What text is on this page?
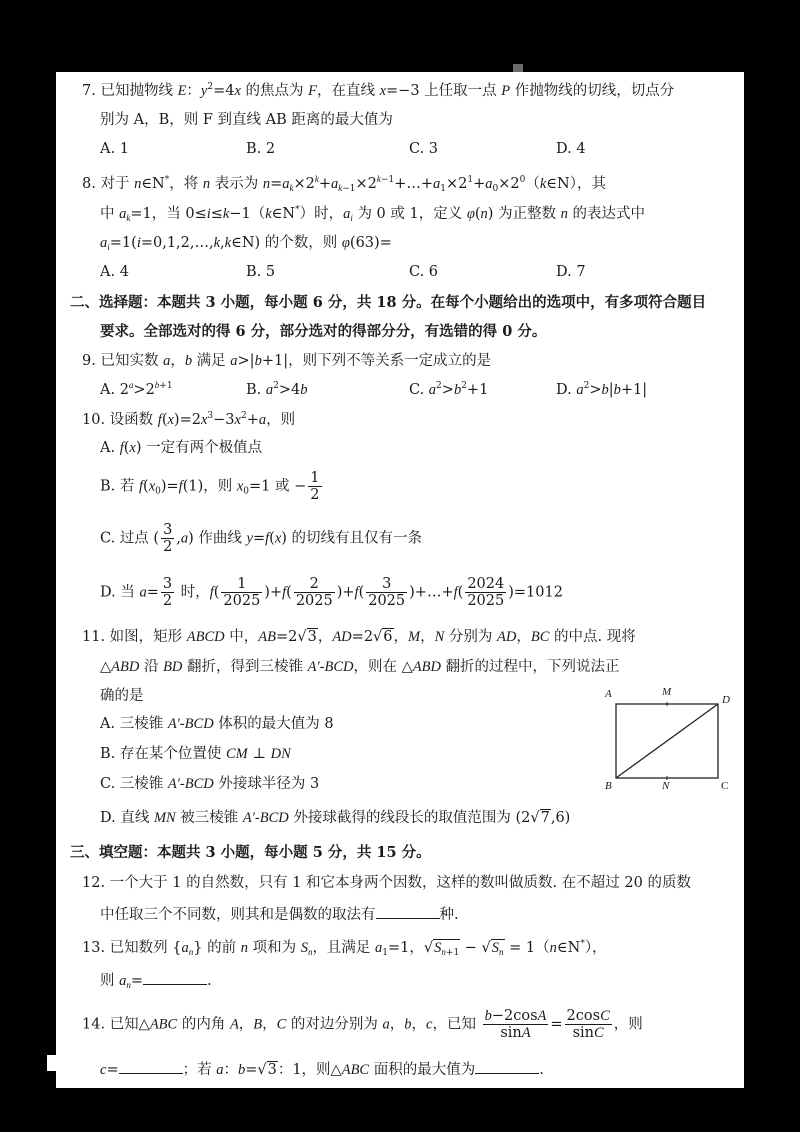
7. 已知抛物线 E：$y^2=4x$ 的焦点为 F，在直线 x=−3 上任取一点 P 作抛物线的切线，切点分
别为 A，B，则 F 到直线 AB 距离的最大值为
A. 1	B. 2	C. 3	D. 4
8. 对于 n∈N*，将 n 表示为 $n=a_k\times 2^k+a_{k-1}\times 2^{k-1}+\dots+a_1\times 2^1+a_0\times 2^0(k\in N)$，其
中 $a_k=1$，当 0≤i≤k−1（k∈N*）时，$a_i$ 为 0 或 1，定义 φ(n) 为正整数 n 的表达式中
$a_i=1(i=0,1,2,\dots,k,k\in N)$ 的个数，则 φ(63)=
A. 4	B. 5	C. 6	D. 7
二、选择题：本题共 3 小题，每小题 6 分，共 18 分。在每个小题给出的选项中，有多项符合题目
要求。全部选对的得 6 分，部分选对的得部分分，有选错的得 0 分。
9. 已知实数 a，b 满足 a>|b+1|，则下列不等关系一定成立的是
A. $2^a>2^{b+1}$	B. $a^2>4b$	C. $a^2>b^2+1$	D. $a^2>b|b+1|$
10. 设函数 $f(x)=2x^3-3x^2+a$，则
A. f(x) 一定有两个极值点
B. 若 $f(x_0)=f(1)$，则 $x_0=1$ 或 − $\frac{1}{2}$
C. 过点 ( $\frac{3}{2} ,a$) 作曲线 y=f(x) 的切线有且仅有一条
D. 当 $a= \frac{3}{2}$ 时，$f( \frac{1}{2025} )+f( \frac{2}{2025} )+f( \frac{3}{2025}$ )+…+f( $\frac{2024}{2025} )=1012$
11. 如图，矩形 ABCD 中，AB=2√3，AD=2√6，M，N 分别为 AD，BC 的中点. 现将
△ABD 沿 BD 翻折，得到三棱锥 A′-BCD，则在 △ABD 翻折的过程中，下列说法正
确的是
A. 三棱锥 A′-BCD 体积的最大值为 8
B. 存在某个位置使 CM ⊥ DN
C. 三棱锥 A′-BCD 外接球半径为 3
D. 直线 MN 被三棱锥 A′-BCD 外接球截得的线段长的取值范围为 (2√7,6)
A	M
D
B	N	C
三、填空题：本题共 3 小题，每小题 5 分，共 15 分。
12. 一个大于 1 的自然数，只有 1 和它本身两个因数，这样的数叫做质数. 在不超过 20 的质数
中任取三个不同数，则其和是偶数的取法有	种.
13. 已知数列 $\{a_n\}$ 的前 n 项和为 $S_n$，且满足 $a_1=1$，$√S_{n+1} - √S_n$ = 1（n∈N*），
则 $a_n=$	.
14. 已知△ABC 的内角 A，B，C 的对边分别为 a，b，c，已知 $\frac{b-2\cos A}{\sin A} = \frac{2\cos C}{\sin C}$ ，则
c=	；若 a：b=√3：1，则△ABC 面积的最大值为	.
